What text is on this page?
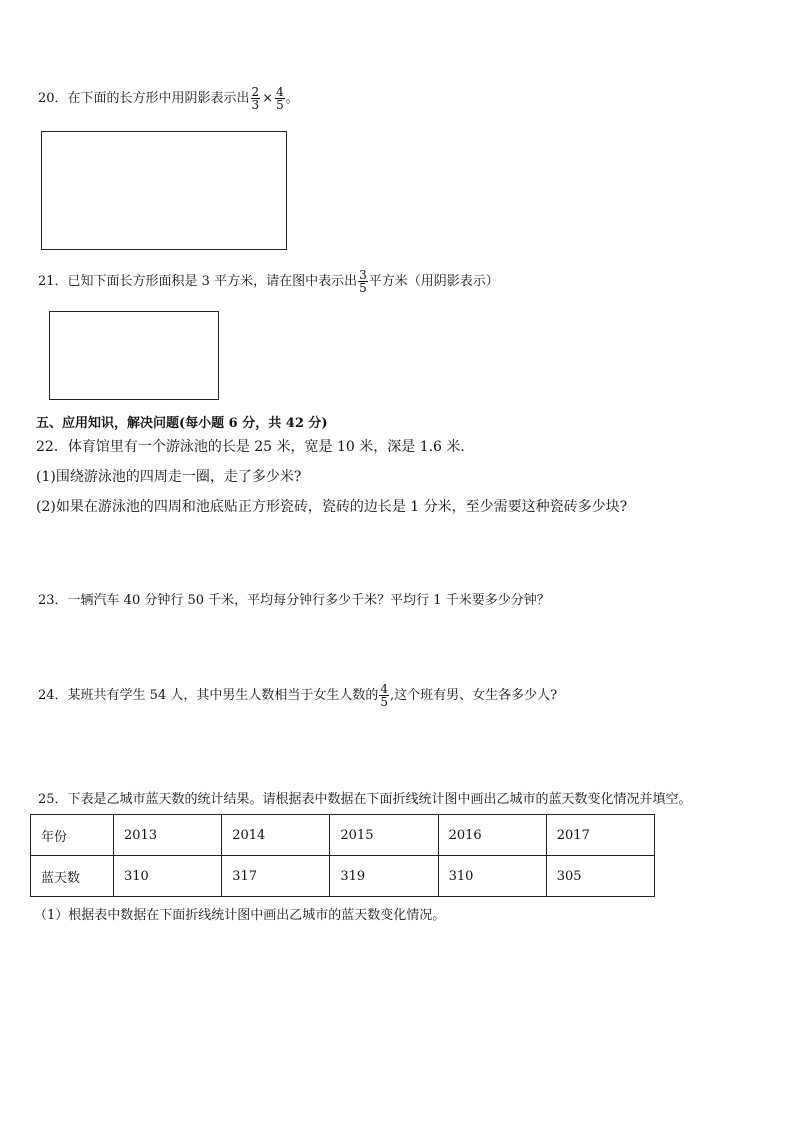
20．在下面的长方形中用阴影表示出 $\frac{2}{3} \times \frac{4}{5}$ 。
21．已知下面长方形面积是 3 平方米，请在图中表示出 $\frac{3}{5}$ 平方米（用阴影表示）
五、应用知识，解决问题(每小题 6 分，共 42 分)
22．体育馆里有一个游泳池的长是 25 米，宽是 10 米，深是 1.6 米．
(1)围绕游泳池的四周走一圈，走了多少米?
(2)如果在游泳池的四周和池底贴正方形瓷砖，瓷砖的边长是 1 分米，至少需要这种瓷砖多少块?
23．一辆汽车 40 分钟行 50 千米，平均每分钟行多少千米？平均行 1 千米要多少分钟？
24．某班共有学生 54 人，其中男生人数相当于女生人数的 $\frac{4}{5}$ ,这个班有男、女生各多少人?
25．下表是乙城市蓝天数的统计结果。请根据表中数据在下面折线统计图中画出乙城市的蓝天数变化情况并填空。
年份	2013	2014	2015	2016	2017
蓝天数	310	317	319	310	305
（1）根据表中数据在下面折线统计图中画出乙城市的蓝天数变化情况。
